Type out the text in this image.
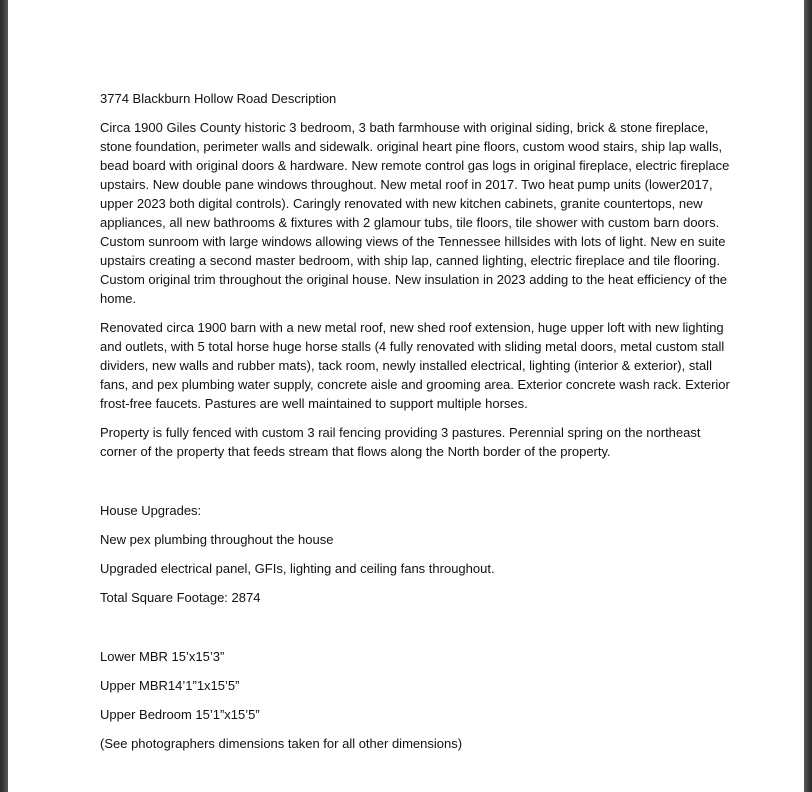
3774 Blackburn Hollow Road Description

Circa 1900 Giles County historic 3 bedroom, 3 bath farmhouse with original siding, brick & stone fireplace, stone foundation, perimeter walls and sidewalk. original heart pine floors, custom wood stairs, ship lap walls, bead board with original doors & hardware. New remote control gas logs in original fireplace, electric fireplace upstairs. New double pane windows throughout. New metal roof in 2017. Two heat pump units (lower2017, upper 2023 both digital controls). Caringly renovated with new kitchen cabinets, granite countertops, new appliances, all new bathrooms & fixtures with 2 glamour tubs, tile floors, tile shower with custom barn doors. Custom sunroom with large windows allowing views of the Tennessee hillsides with lots of light. New en suite upstairs creating a second master bedroom, with ship lap, canned lighting, electric fireplace and tile flooring. Custom original trim throughout the original house. New insulation in 2023 adding to the heat efficiency of the home.

Renovated circa 1900 barn with a new metal roof, new shed roof extension, huge upper loft with new lighting and outlets, with 5 total horse huge horse stalls (4 fully renovated with sliding metal doors, metal custom stall dividers, new walls and rubber mats), tack room, newly installed electrical, lighting (interior & exterior), stall fans, and pex plumbing water supply, concrete aisle and grooming area. Exterior concrete wash rack. Exterior frost-free faucets. Pastures are well maintained to support multiple horses.

Property is fully fenced with custom 3 rail fencing providing 3 pastures. Perennial spring on the northeast corner of the property that feeds stream that flows along the North border of the property.

House Upgrades:

New pex plumbing throughout the house

Upgraded electrical panel, GFIs, lighting and ceiling fans throughout.

Total Square Footage: 2874

Lower MBR 15’x15’3”

Upper MBR14’1”1x15’5”

Upper Bedroom 15’1”x15’5”

(See photographers dimensions taken for all other dimensions)
